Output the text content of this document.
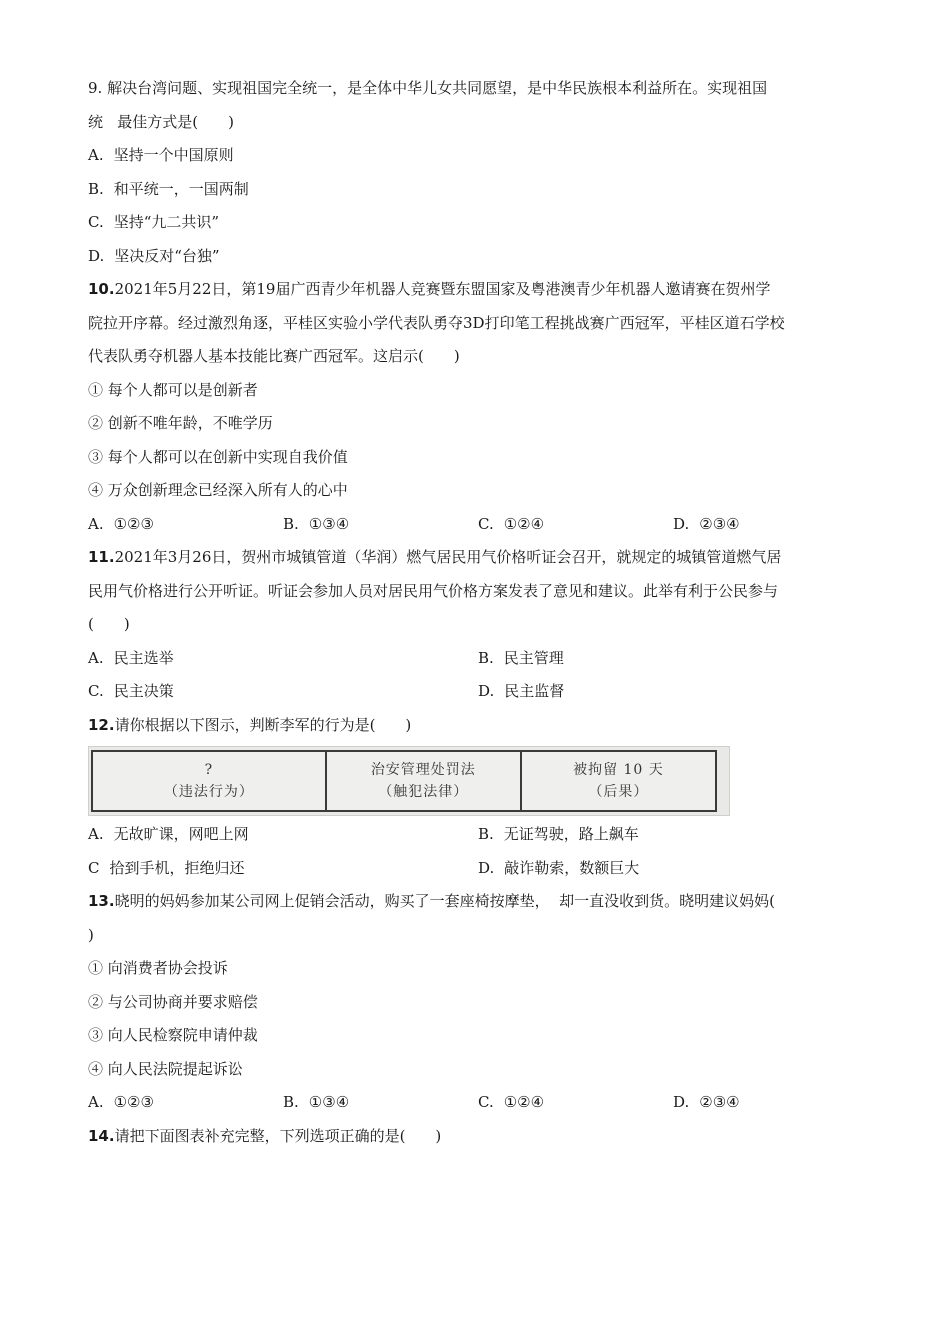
9. 解决台湾问题、实现祖国完全统一，是全体中华儿女共同愿望，是中华民族根本利益所在。实现祖国
统   最佳方式是(　　)
A. 坚持一个中国原则
B. 和平统一，一国两制
C. 坚持“九二共识”
D. 坚决反对“台独”
10.2021年5月22日，第19届广西青少年机器人竞赛暨东盟国家及粤港澳青少年机器人邀请赛在贺州学
院拉开序幕。经过激烈角逐，平桂区实验小学代表队勇夺3D打印笔工程挑战赛广西冠军，平桂区道石学校
代表队勇夺机器人基本技能比赛广西冠军。这启示(　　)
① 每个人都可以是创新者
② 创新不唯年龄，不唯学历
③ 每个人都可以在创新中实现自我价值
④ 万众创新理念已经深入所有人的心中
A. ①②③	B. ①③④	C. ①②④	D. ②③④
11.2021年3月26日，贺州市城镇管道（华润）燃气居民用气价格听证会召开，就规定的城镇管道燃气居
民用气价格进行公开听证。听证会参加人员对居民用气价格方案发表了意见和建议。此举有利于公民参与
(　　)
A. 民主选举	B. 民主管理
C. 民主决策	D. 民主监督
12.请你根据以下图示，判断李军的行为是(　　)
?
（违法行为）
治安管理处罚法
（触犯法律）
被拘留 10 天
（后果）
A. 无故旷课，网吧上网	B. 无证驾驶，路上飙车
C 拾到手机，拒绝归还	D. 敲诈勒索，数额巨大
13.晓明的妈妈参加某公司网上促销会活动，购买了一套座椅按摩垫，  却一直没收到货。晓明建议妈妈(
)
① 向消费者协会投诉
② 与公司协商并要求赔偿
③ 向人民检察院申请仲裁
④ 向人民法院提起诉讼
A. ①②③	B. ①③④	C. ①②④	D. ②③④
14.请把下面图表补充完整，下列选项正确的是(　　)
